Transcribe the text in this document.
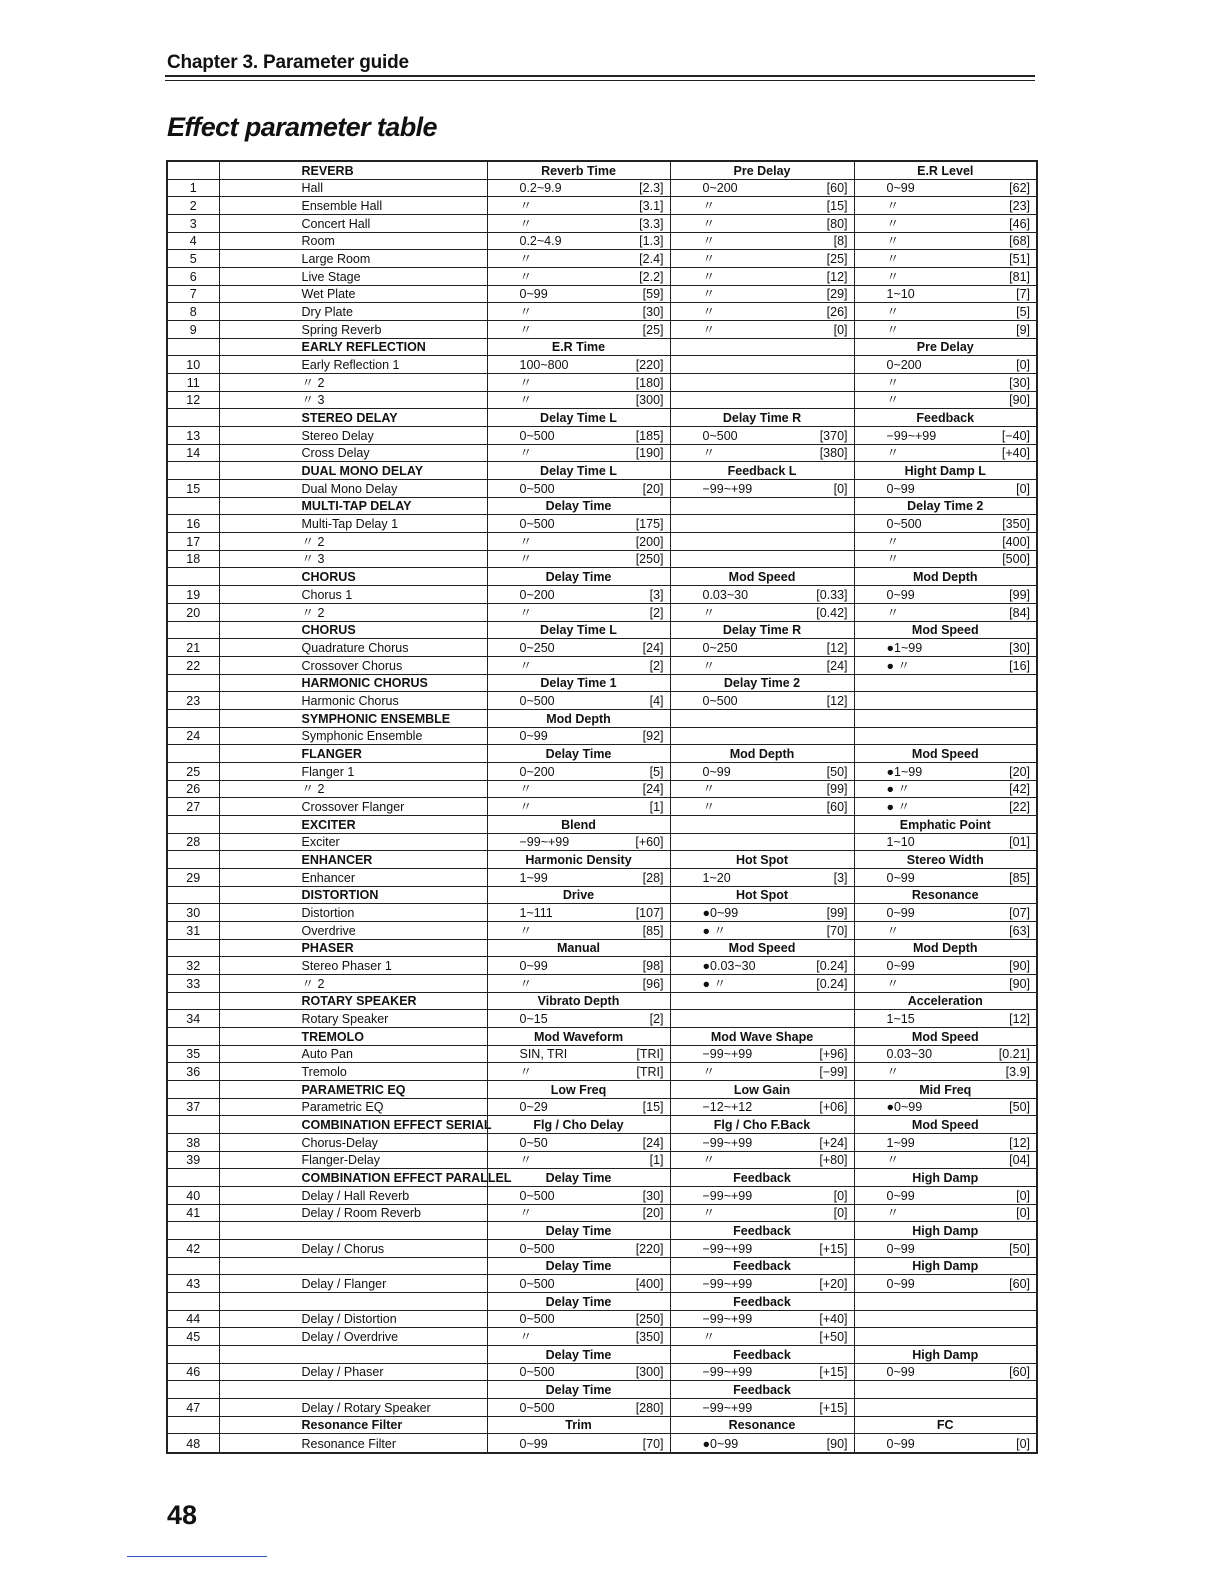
Chapter 3. Parameter guide
Effect parameter table
	REVERB	Reverb Time	Pre Delay	E.R Level
1	Hall	0.2~9.9 [2.3]	0~200 [60]	0~99 [62]

2	Ensemble Hall	〃 [3.1]	〃 [15]	〃 [23]

3	Concert Hall	〃 [3.3]	〃 [80]	〃 [46]

4	Room	0.2~4.9 [1.3]	〃 [8]	〃 [68]

5	Large Room	〃 [2.4]	〃 [25]	〃 [51]

6	Live Stage	〃 [2.2]	〃 [12]	〃 [81]

7	Wet Plate	0~99 [59]	〃 [29]	1~10 [7]

8	Dry Plate	〃 [30]	〃 [26]	〃 [5]

9	Spring Reverb	〃 [25]	〃 [0]	〃 [9]

	EARLY REFLECTION	E.R Time		Pre Delay
10	Early Reflection 1	100~800 [220]		0~200 [0]

11	〃 2	〃 [180]		〃 [30]

12	〃 3	〃 [300]		〃 [90]

	STEREO DELAY	Delay Time L	Delay Time R	Feedback
13	Stereo Delay	0~500 [185]	0~500 [370]	−99~+99 [−40]

14	Cross Delay	〃 [190]	〃 [380]	〃 [+40]

	DUAL MONO DELAY	Delay Time L	Feedback L	Hight Damp L
15	Dual Mono Delay	0~500 [20]	−99~+99 [0]	0~99 [0]

	MULTI-TAP DELAY	Delay Time		Delay Time 2
16	Multi-Tap Delay 1	0~500 [175]		0~500 [350]

17	〃 2	〃 [200]		〃 [400]

18	〃 3	〃 [250]		〃 [500]

	CHORUS	Delay Time	Mod Speed	Mod Depth
19	Chorus 1	0~200 [3]	0.03~30 [0.33]	0~99 [99]

20	〃 2	〃 [2]	〃 [0.42]	〃 [84]

	CHORUS	Delay Time L	Delay Time R	Mod Speed
21	Quadrature Chorus	0~250 [24]	0~250 [12]	●1~99 [30]

22	Crossover Chorus	〃 [2]	〃 [24]	● 〃 [16]

	HARMONIC CHORUS	Delay Time 1	Delay Time 2	
23	Harmonic Chorus	0~500 [4]	0~500 [12]	

	SYMPHONIC ENSEMBLE	Mod Depth		
24	Symphonic Ensemble	0~99 [92]		

	FLANGER	Delay Time	Mod Depth	Mod Speed
25	Flanger 1	0~200 [5]	0~99 [50]	●1~99 [20]

26	〃 2	〃 [24]	〃 [99]	● 〃 [42]

27	Crossover Flanger	〃 [1]	〃 [60]	● 〃 [22]

	EXCITER	Blend		Emphatic Point
28	Exciter	−99~+99 [+60]		1~10 [01]

	ENHANCER	Harmonic Density	Hot Spot	Stereo Width
29	Enhancer	1~99 [28]	1~20 [3]	0~99 [85]

	DISTORTION	Drive	Hot Spot	Resonance
30	Distortion	1~111 [107]	●0~99 [99]	0~99 [07]

31	Overdrive	〃 [85]	● 〃 [70]	〃 [63]

	PHASER	Manual	Mod Speed	Mod Depth
32	Stereo Phaser 1	0~99 [98]	●0.03~30 [0.24]	0~99 [90]

33	〃 2	〃 [96]	● 〃 [0.24]	〃 [90]

	ROTARY SPEAKER	Vibrato Depth		Acceleration
34	Rotary Speaker	0~15 [2]		1~15 [12]

	TREMOLO	Mod Waveform	Mod Wave Shape	Mod Speed
35	Auto Pan	SIN, TRI [TRI]	−99~+99 [+96]	0.03~30 [0.21]

36	Tremolo	〃 [TRI]	〃 [−99]	〃 [3.9]

	PARAMETRIC EQ	Low Freq	Low Gain	Mid Freq
37	Parametric EQ	0~29 [15]	−12~+12 [+06]	●0~99 [50]

	COMBINATION EFFECT SERIAL	Flg / Cho Delay	Flg / Cho F.Back	Mod Speed
38	Chorus-Delay	0~50 [24]	−99~+99 [+24]	1~99 [12]

39	Flanger-Delay	〃 [1]	〃 [+80]	〃 [04]

	COMBINATION EFFECT PARALLEL	Delay Time	Feedback	High Damp
40	Delay / Hall Reverb	0~500 [30]	−99~+99 [0]	0~99 [0]

41	Delay / Room Reverb	〃 [20]	〃 [0]	〃 [0]

		Delay Time	Feedback	High Damp
42	Delay / Chorus	0~500 [220]	−99~+99 [+15]	0~99 [50]

		Delay Time	Feedback	High Damp
43	Delay / Flanger	0~500 [400]	−99~+99 [+20]	0~99 [60]

		Delay Time	Feedback	
44	Delay / Distortion	0~500 [250]	−99~+99 [+40]	

45	Delay / Overdrive	〃 [350]	〃 [+50]	

		Delay Time	Feedback	High Damp
46	Delay / Phaser	0~500 [300]	−99~+99 [+15]	0~99 [60]

		Delay Time	Feedback	
47	Delay / Rotary Speaker	0~500 [280]	−99~+99 [+15]	

	Resonance Filter	Trim	Resonance	FC
48	Resonance Filter	0~99 [70]	●0~99 [90]	0~99 [0]
48
